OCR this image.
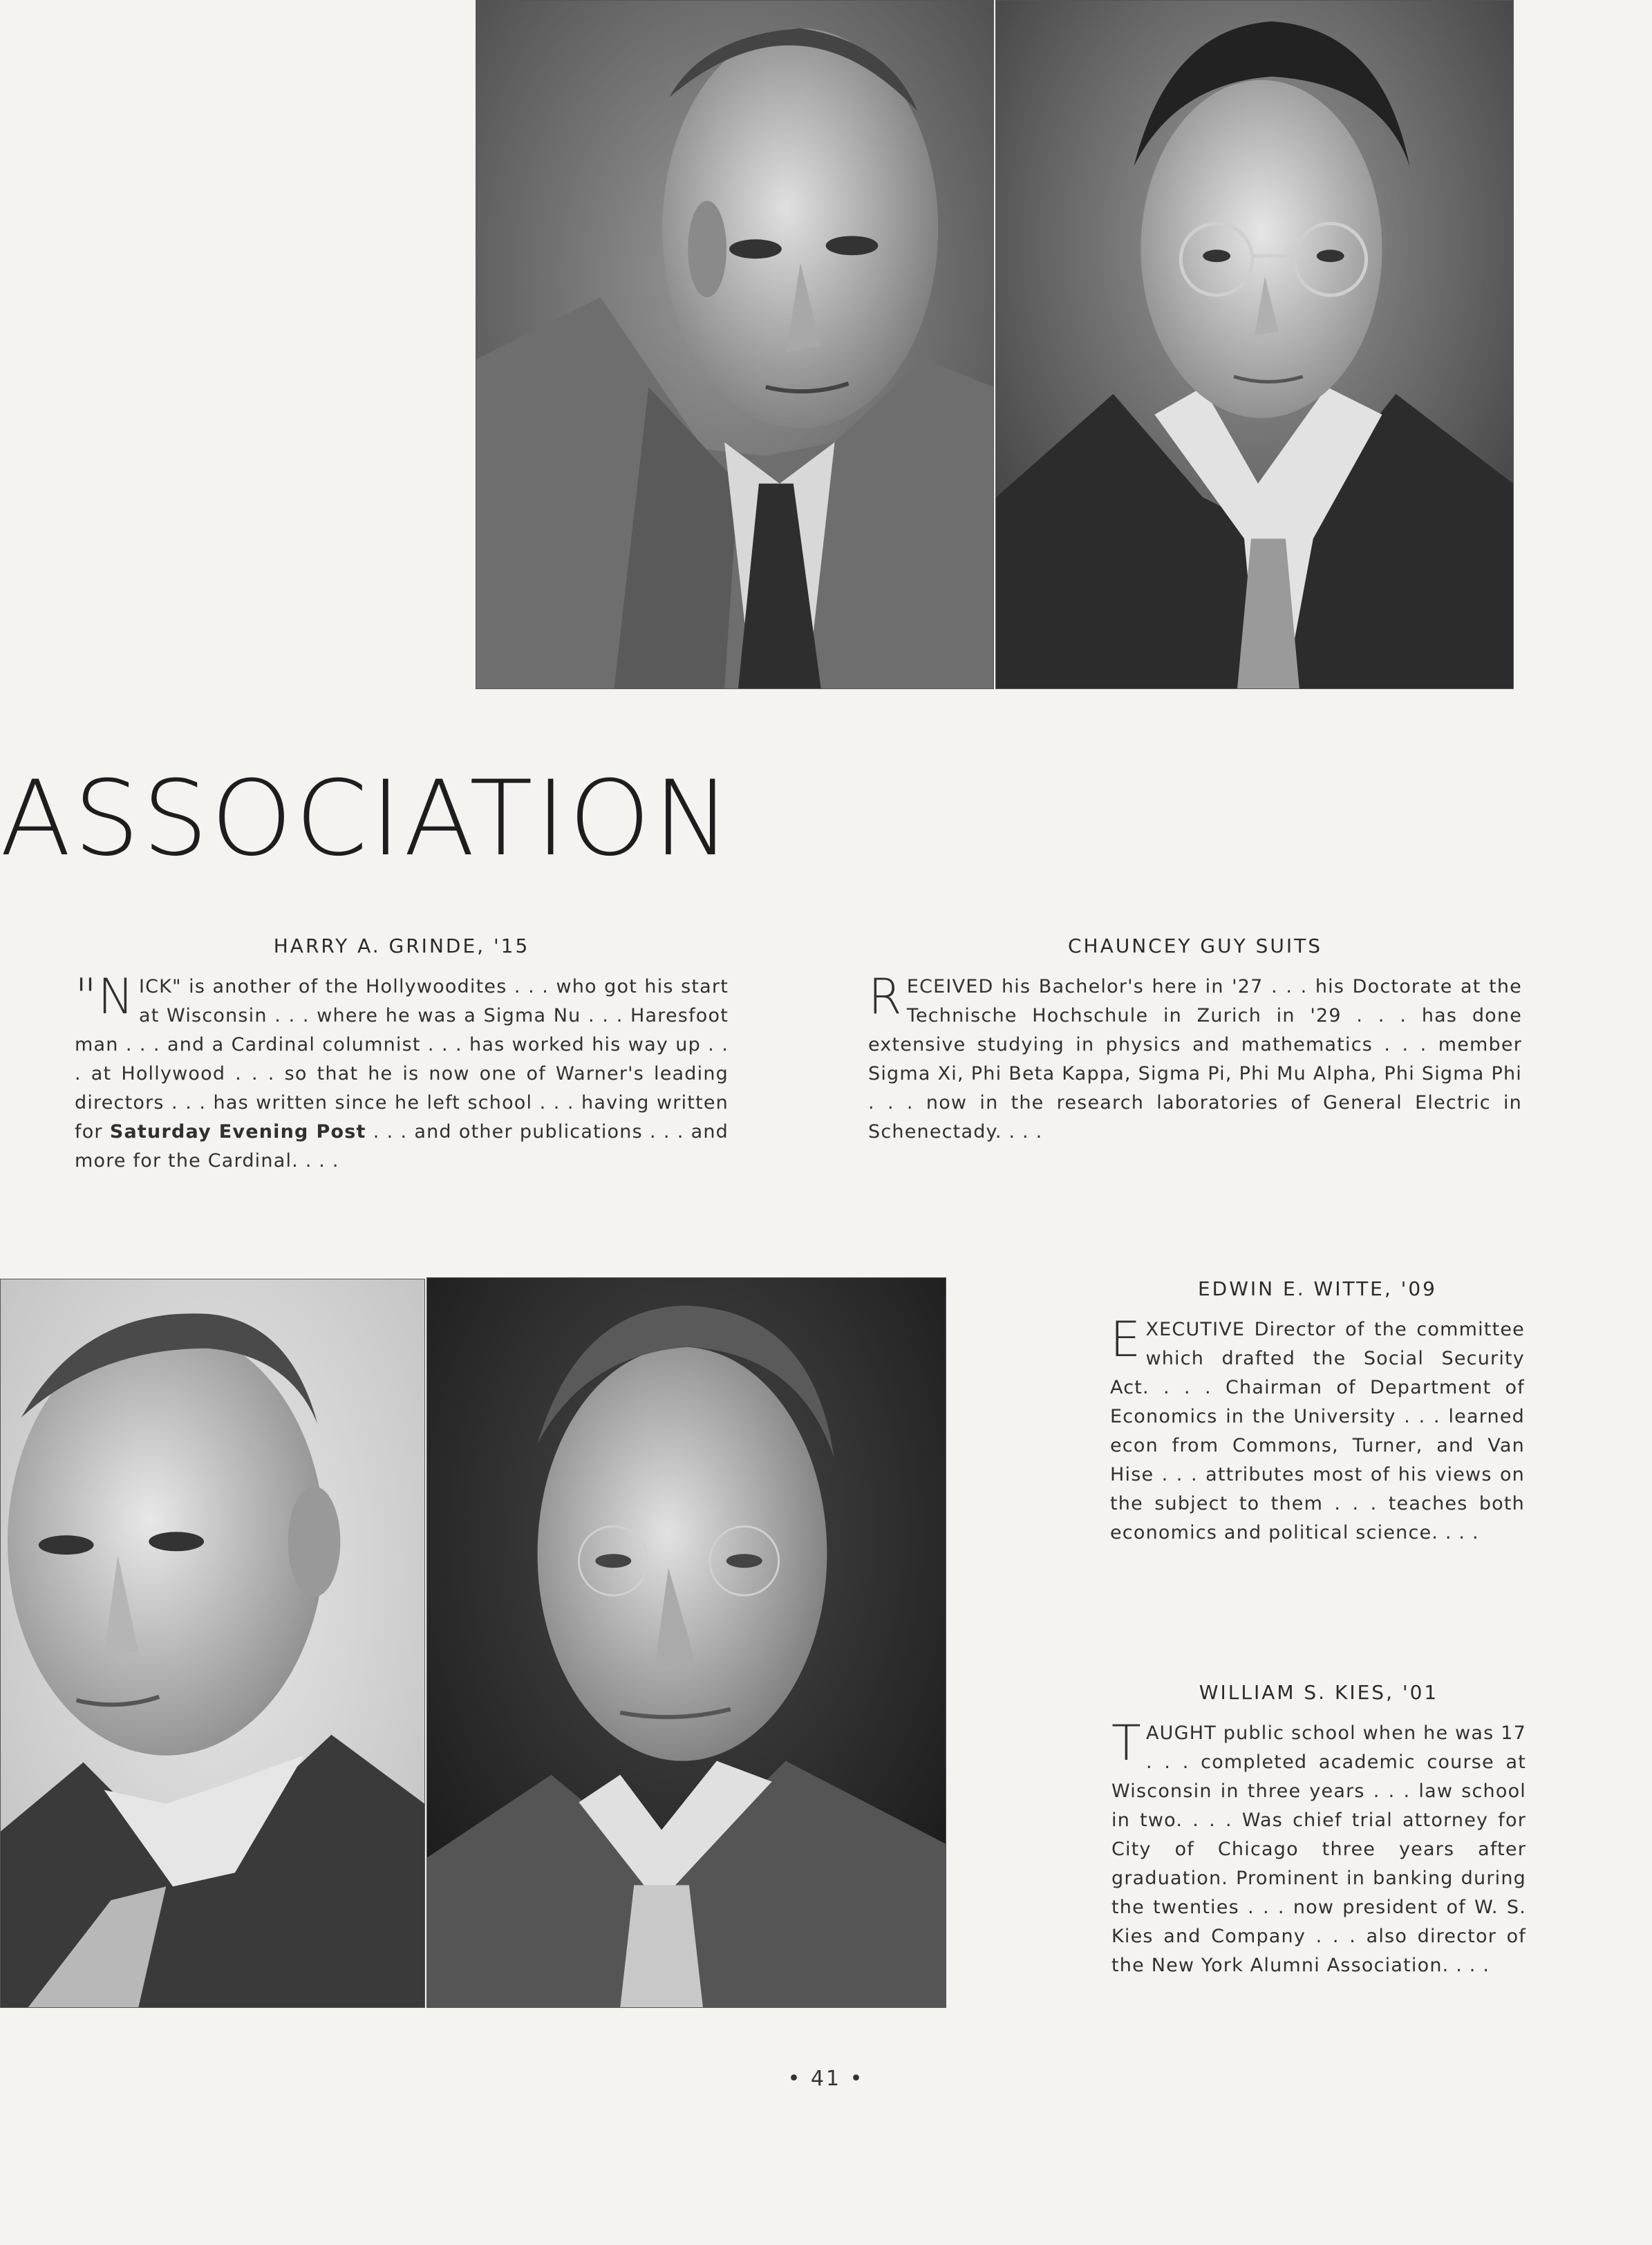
ASSOCIATION
HARRY A. GRINDE, '15
"NICK" is another of the Hollywoodites . . . who got his start at Wisconsin . . . where he was a Sigma Nu . . . Haresfoot man . . . and a Cardinal columnist . . . has worked his way up . . . at Hollywood . . . so that he is now one of Warner's leading directors . . . has written since he left school . . . having written for Saturday Evening Post . . . and other publications . . . and more for the Cardinal. . . .
CHAUNCEY GUY SUITS
RECEIVED his Bachelor's here in '27 . . . his Doctorate at the Technische Hochschule in Zurich in '29 . . . has done extensive studying in physics and mathematics . . . member Sigma Xi, Phi Beta Kappa, Sigma Pi, Phi Mu Alpha, Phi Sigma Phi . . . now in the research laboratories of General Electric in Schenectady. . . .
EDWIN E. WITTE, '09
EXECUTIVE Director of the committee which drafted the Social Security Act. . . . Chairman of Department of Economics in the University . . . learned econ from Commons, Turner, and Van Hise . . . attributes most of his views on the subject to them . . . teaches both economics and political science. . . .
WILLIAM S. KIES, '01
TAUGHT public school when he was 17 . . . completed academic course at Wisconsin in three years . . . law school in two. . . . Was chief trial attorney for City of Chicago three years after graduation. Prominent in banking during the twenties . . . now president of W. S. Kies and Company . . . also director of the New York Alumni Association. . . .
• 41 •
